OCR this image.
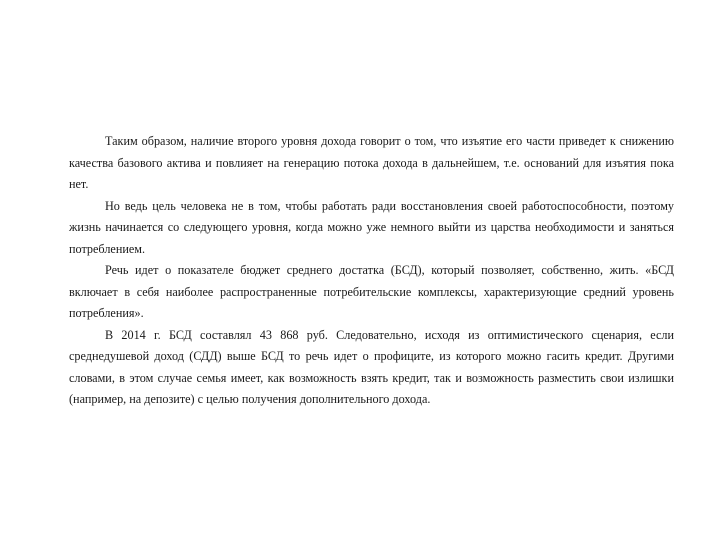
Таким образом, наличие второго уровня дохода говорит о том, что изъятие его части приведет к снижению качества базового актива и повлияет на генерацию потока дохода в дальнейшем, т.е. оснований для изъятия пока нет.

Но ведь цель человека не в том, чтобы работать ради восстановления своей работоспособности, поэтому жизнь начинается со следующего уровня, когда можно уже немного выйти из царства необходимости и заняться потреблением.

Речь идет о показателе бюджет среднего достатка (БСД), который позволяет, собственно, жить. «БСД включает в себя наиболее распространенные потребительские комплексы, характеризующие средний уровень потребления».

В 2014 г. БСД составлял 43 868 руб. Следовательно, исходя из оптимистического сценария, если среднедушевой доход (СДД) выше БСД то речь идет о профиците, из которого можно гасить кредит. Другими словами, в этом случае семья имеет, как возможность взять кредит, так и возможность разместить свои излишки (например, на депозите) с целью получения дополнительного дохода.
